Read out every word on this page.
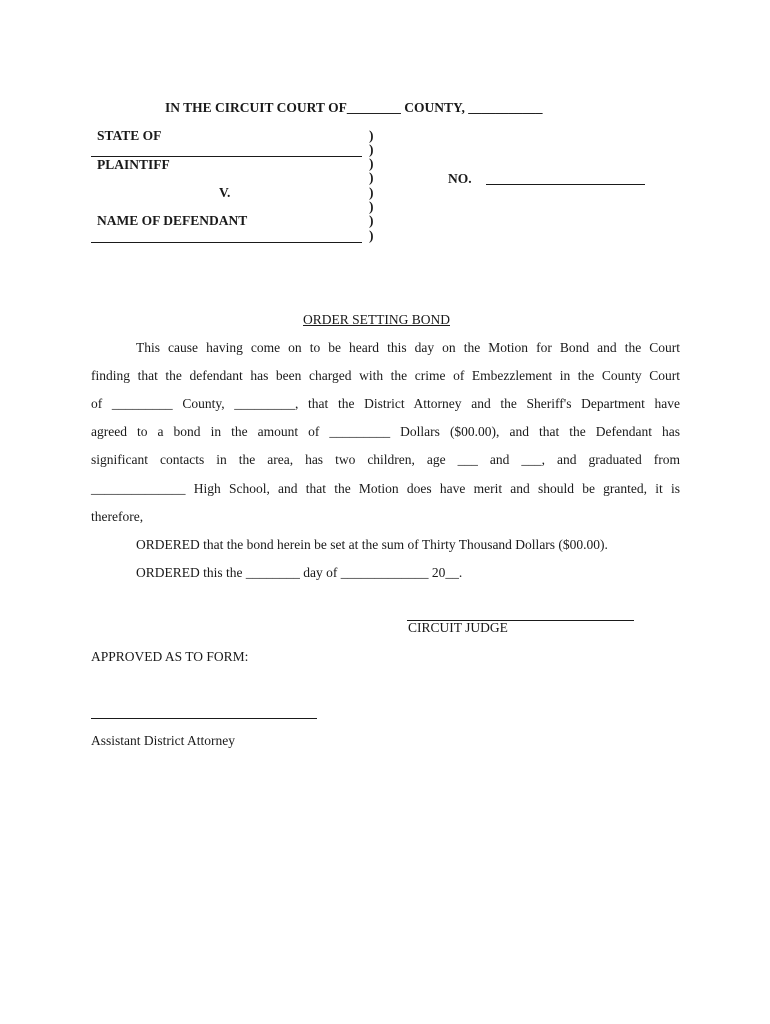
IN THE CIRCUIT COURT OF________ COUNTY, ___________
STATE OF
PLAINTIFF
V.
NAME OF DEFENDANT
)
)
)
)
)
)
)
)
NO.
ORDER SETTING BOND
This cause having come on to be heard this day on the Motion for Bond and the Court
finding that the defendant has been charged with the crime of Embezzlement in the County Court
of _________ County, _________, that the District Attorney and the Sheriff's Department have
agreed to a bond in the amount of _________ Dollars ($00.00), and that the Defendant has
significant contacts in the area, has two children, age ___ and ___, and graduated from
______________ High School, and that the Motion does have merit and should be granted, it is
therefore,
ORDERED that the bond herein be set at the sum of Thirty Thousand Dollars ($00.00).
ORDERED this the ________ day of _____________ 20__.
CIRCUIT JUDGE
APPROVED AS TO FORM:
Assistant District Attorney
